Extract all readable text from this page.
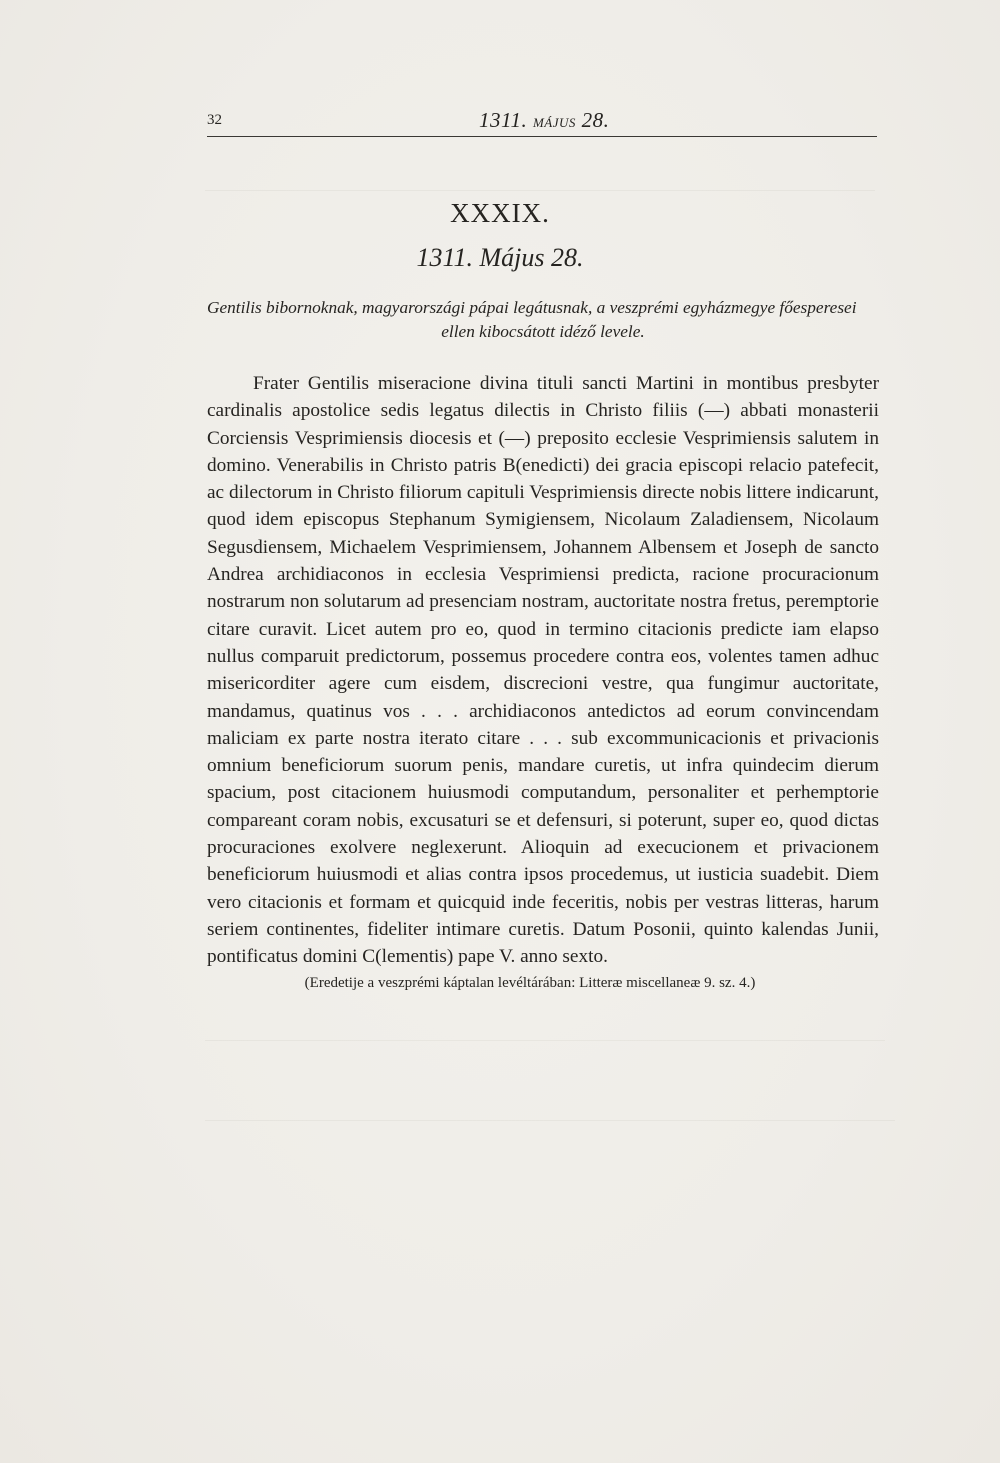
32	1311. MÁJUS 28.
XXXIX.
1311. Május 28.
Gentilis bibornoknak, magyarországi pápai legátusnak, a veszprémi egyházmegye főesperesei
ellen kibocsátott idéző levele.

Frater Gentilis miseracione divina tituli sancti Martini in montibus presbyter cardinalis apostolice sedis legatus dilectis in Christo filiis (—) abbati monasterii Corciensis Vesprimiensis diocesis et (—) preposito ecclesie Vesprimiensis salutem in domino. Venerabilis in Christo patris B(enedicti) dei gracia episcopi relacio patefecit, ac dilectorum in Christo filiorum capituli Vesprimiensis directe nobis littere indicarunt, quod idem episcopus Stephanum Symigiensem, Nicolaum Zaladiensem, Nicolaum Segusdiensem, Michaelem Vesprimiensem, Johannem Albensem et Joseph de sancto Andrea archidiaconos in ecclesia Vesprimiensi predicta, racione procuracionum nostrarum non solutarum ad presenciam nostram, auctoritate nostra fretus, peremptorie citare curavit. Licet autem pro eo, quod in termino citacionis predicte iam elapso nullus comparuit predictorum, possemus procedere contra eos, volentes tamen adhuc misericorditer agere cum eisdem, discrecioni vestre, qua fungimur auctoritate, mandamus, quatinus vos . . . archidiaconos antedictos ad eorum convincendam maliciam ex parte nostra iterato citare . . . sub excommunicacionis et privacionis omnium beneficiorum suorum penis, mandare curetis, ut infra quindecim dierum spacium, post citacionem huiusmodi computandum, personaliter et perhemptorie compareant coram nobis, excusaturi se et defensuri, si poterunt, super eo, quod dictas procuraciones exolvere neglexerunt. Alioquin ad execucionem et privacionem beneficiorum huiusmodi et alias contra ipsos procedemus, ut iusticia suadebit. Diem vero citacionis et formam et quicquid inde feceritis, nobis per vestras litteras, harum seriem continentes, fideliter intimare curetis. Datum Posonii, quinto kalendas Junii, pontificatus domini C(lementis) pape V. anno sexto.

(Eredetije a veszprémi káptalan levéltárában: Litteræ miscellaneæ 9. sz. 4.)
